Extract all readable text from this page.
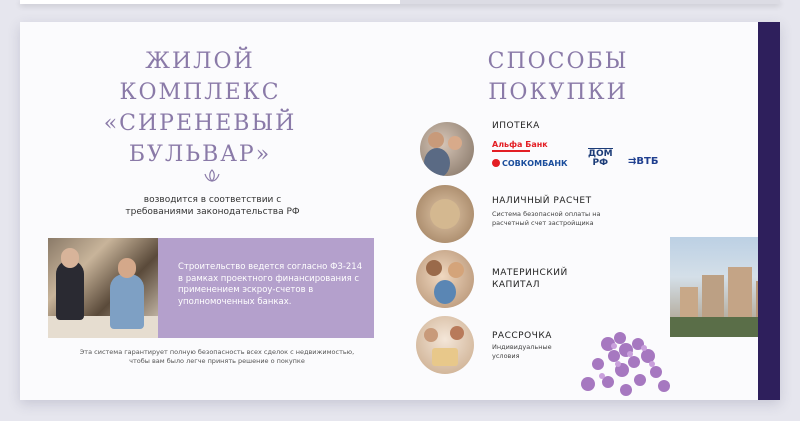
ЖИЛОЙ
КОМПЛЕКС
«СИРЕНЕВЫЙ
БУЛЬВАР»
возводится в соответствии с
требованиями законодательства РФ
Строительство ведется согласно ФЗ-214 в рамках проектного финансирования с применением эскроу-счетов в уполномоченных банках.
Эта система гарантирует полную безопасность всех сделок с недвижимостью,
чтобы вам было легче принять решение о покупке
СПОСОБЫ
ПОКУПКИ
ИПОТЕКА
Альфа Банк
СОВКОМБАНК
ДОМ
РФ	⇉ВТБ
НАЛИЧНЫЙ РАСЧЕТ
Система безопасной оплаты на расчетный счет застройщика
МАТЕРИНСКИЙ
КАПИТАЛ
РАССРОЧКА
Индивидуальные
условия
